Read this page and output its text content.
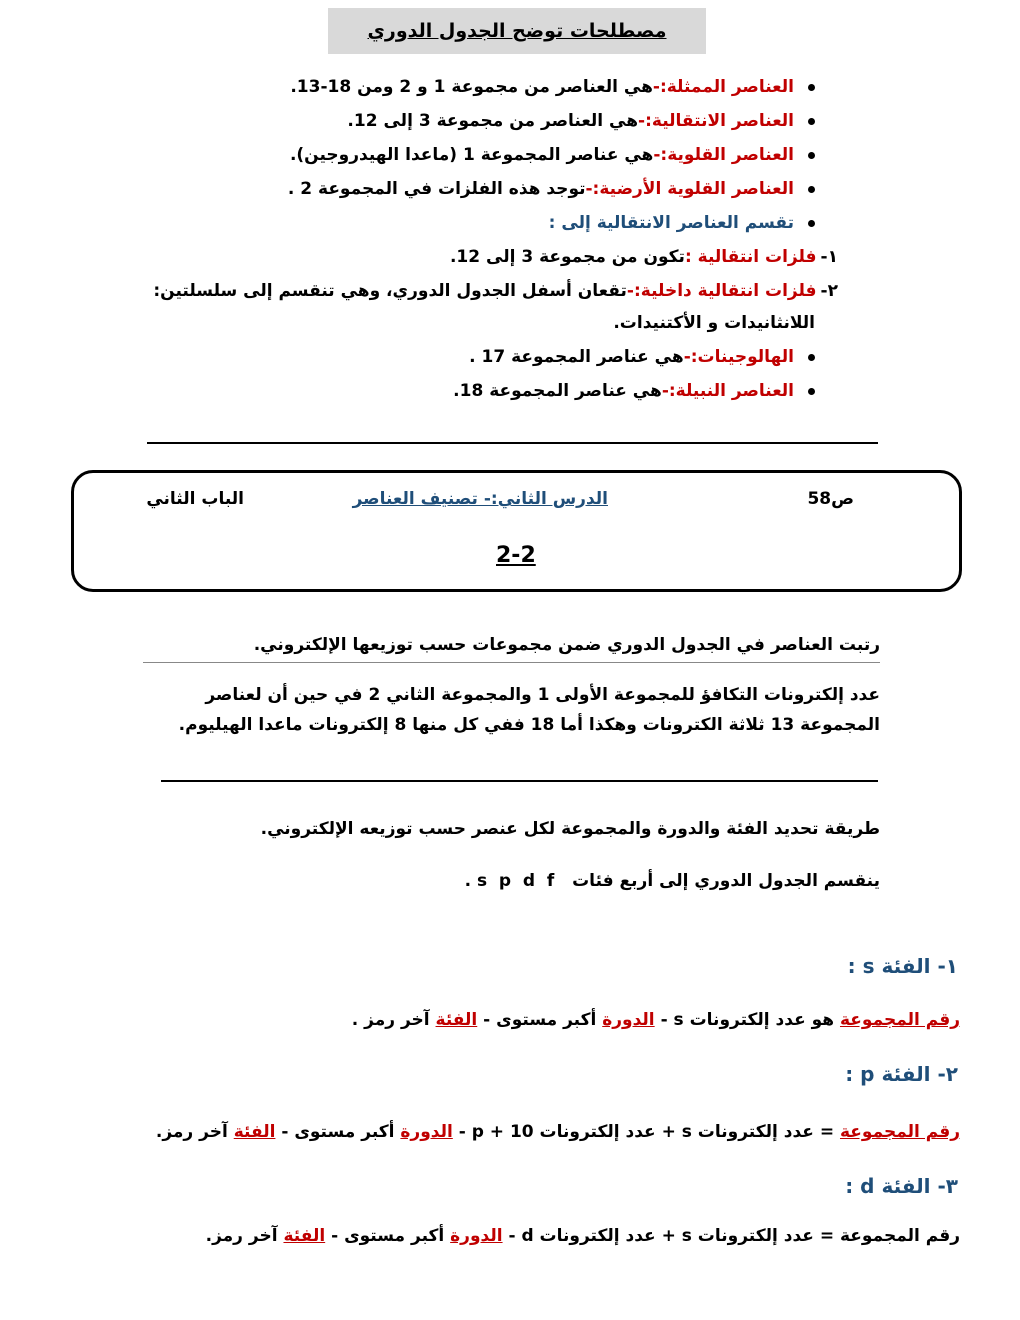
مصطلحات توضح الجدول الدوري
العناصر الممثلة:-هي العناصر من مجموعة 1 و 2 ومن 18-13.
العناصر الانتقالية:-هي العناصر من مجموعة 3 إلى 12.
العناصر القلوية:-هي عناصر المجموعة 1 (ماعدا الهيدروجين).
العناصر القلوية الأرضية:-توجد هذه الفلزات في المجموعة 2 .
تقسم العناصر الانتقالية إلى :
١-فلزات انتقالية :تكون من مجموعة 3 إلى 12.
٢-فلزات انتقالية داخلية:-تقعان أسفل الجدول الدوري، وهي تنقسم إلى سلسلتين:
اللانثانيدات و الأكتنيدات.
الهالوجينات:-هي عناصر المجموعة 17 .
العناصر النبيلة:-هي عناصر المجموعة 18.
ص58
الدرس الثاني:- تصنيف العناصر
الباب الثاني
2-2
رتبت العناصر في الجدول الدوري ضمن مجموعات حسب توزيعها الإلكتروني.
عدد إلكترونات التكافؤ للمجموعة الأولى 1 والمجموعة الثاني 2 في حين أن لعناصر المجموعة 13 ثلاثة الكترونات وهكذا أما 18 ففي كل منها 8 إلكترونات ماعدا الهيليوم.
طريقة تحديد الفئة والدورة والمجموعة لكل عنصر حسب توزيعه الإلكتروني.
ينقسم الجدول الدوري إلى أربع فئات   s  p  d  f .
١- الفئة s :
رقم المجموعة هو عدد إلكترونات s - الدورة أكبر مستوى - الفئة آخر رمز .
٢- الفئة p :
رقم المجموعة = عدد إلكترونات s + عدد إلكترونات p + 10 - الدورة أكبر مستوى - الفئة آخر رمز.
٣- الفئة d :
رقم المجموعة = عدد إلكترونات s + عدد إلكترونات d - الدورة أكبر مستوى - الفئة آخر رمز.
